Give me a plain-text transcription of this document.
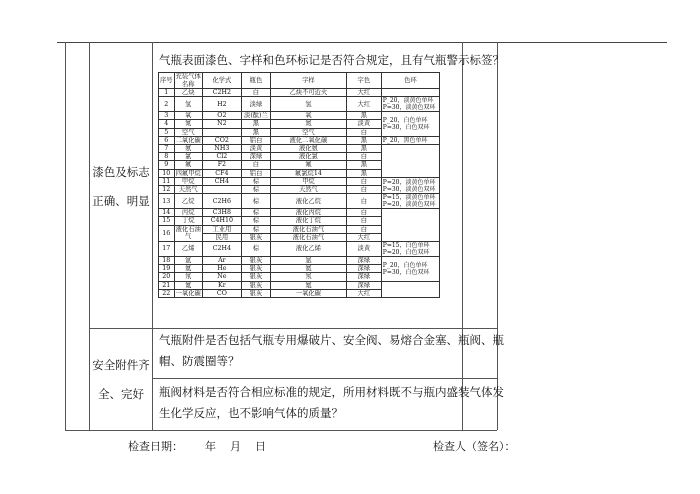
漆色及标志
正确、明显
气瓶表面漆色、字样和色环标记是否符合规定，且有气瓶警示标签？
序号	充装气体名称	化学式	瓶色	字样	字色	色环
1	乙炔	C2H2	白	乙炔不可近火	大红	
2	氢	H2	淡绿	氢	大红	P_20，淡黄色单环
P=30，淡黄色双环
3	氧	O2	淡(酞)兰	氧	黑	P_20，白色单环
P=30，白色双环
4	氮	N2	黑	氮	淡黄	
5	空气		黑	空气	白	
6	二氧化碳	CO2	铝白	液化二氧化碳	黑	P_20，黑色单环
7	氨	NH3	淡黄	液化氨	黑	
8	氯	Cl2	深绿	液化氯	白	
9	氟	F2	白	氟	黑	
10	四氟甲烷	CF4	铝白	氟氯烷14	黑	
11	甲烷	CH4	棕	甲烷	白	P=20，淡黄色单环
P=30，淡黄色双环
12	天然气		棕	天然气	白	
13	乙烷	C2H6	棕	液化乙烷	白	P=15，淡黄色单环
P=20，淡黄色双环
14	丙烷	C3H8	棕	液化丙烷	白	
15	丁烷	C4H10	棕	液化丁烷	白	
16	液化石油气	工业用	棕	液化石油气	白	
		民用	银灰	液化石油气	大红	
17	乙烯	C2H4	棕	液化乙烯	淡黄	P=15，白色单环
P=20，白色双环
18	氩	Ar	银灰	氩	深绿	P_20，白色单环
P=30，白色双环
19	氦	He	银灰	氦	深绿	
20	氖	Ne	银灰	氖	深绿	
21	氪	Kr	银灰	氪	深绿	
22	一氧化碳	CO	银灰	一氧化碳	大红	
安全附件齐
全、完好
气瓶附件是否包括气瓶专用爆破片、安全阀、易熔合金塞、瓶阀、瓶
帽、防震圈等？
瓶阀材料是否符合相应标准的规定，所用材料既不与瓶内盛装气体发
生化学反应，也不影响气体的质量？
检查日期： 年 月 日	检查人（签名）：
